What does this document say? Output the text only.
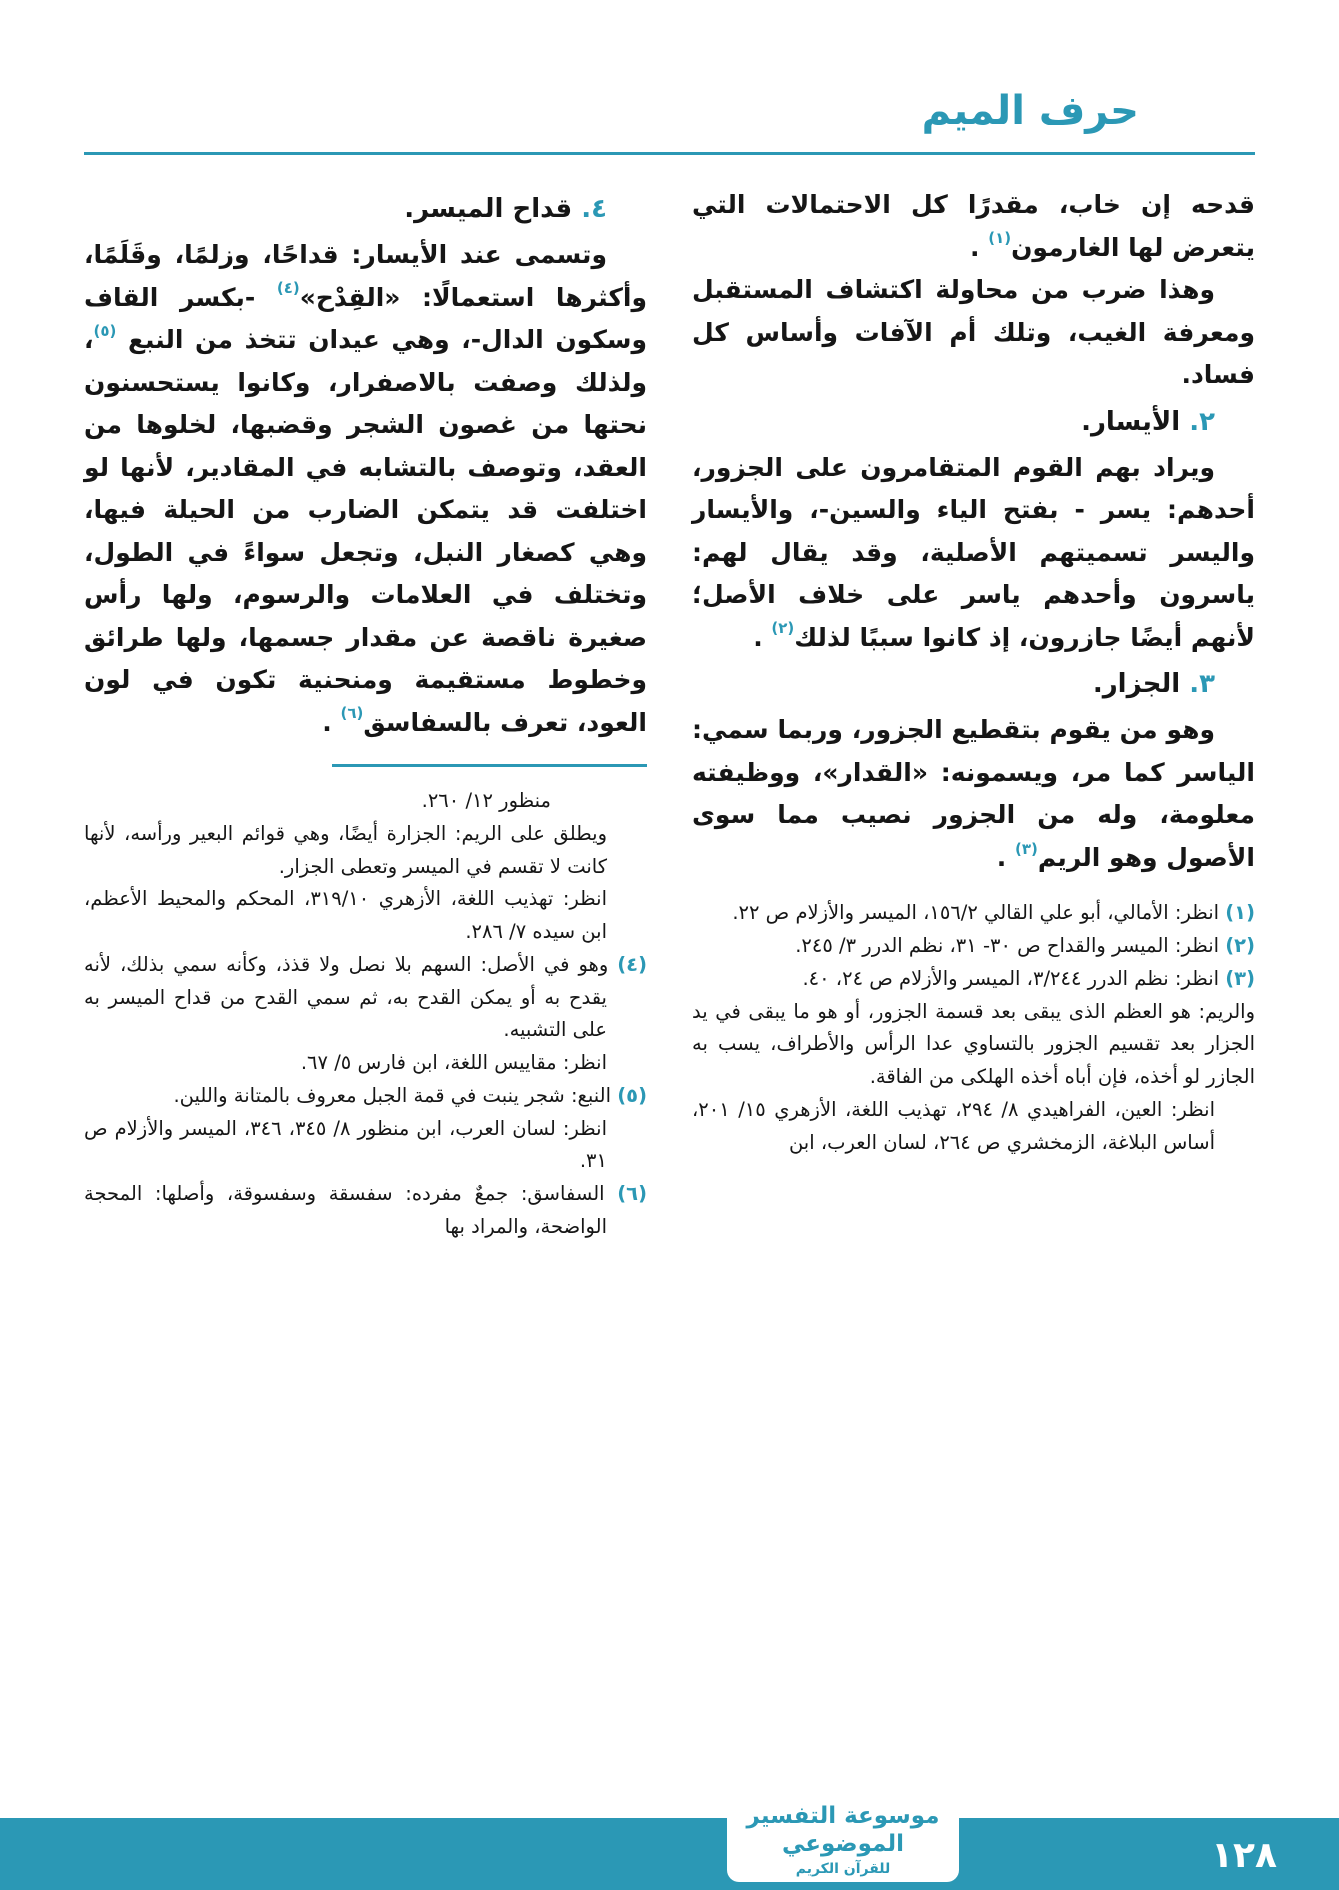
حرف الميم

قدحه إن خاب، مقدرًا كل الاحتمالات التي يتعرض لها الغارمون$^{(١)}$ .

وهذا ضرب من محاولة اكتشاف المستقبل ومعرفة الغيب، وتلك أم الآفات وأساس كل فساد.

٢. الأيسار.

ويراد بهم القوم المتقامرون على الجزور، أحدهم: يسر - بفتح الياء والسين-، والأيسار واليسر تسميتهم الأصلية، وقد يقال لهم: ياسرون وأحدهم ياسر على خلاف الأصل؛ لأنهم أيضًا جازرون، إذ كانوا سببًا لذلك$^{(٢)}$ .

٣. الجزار.

وهو من يقوم بتقطيع الجزور، وربما سمي: الياسر كما مر، ويسمونه: «القدار»، ووظيفته معلومة، وله من الجزور نصيب مما سوى الأصول وهو الريم$^{(٣)}$ .

(١) انظر: الأمالي، أبو علي القالي ١٥٦/٢، الميسر والأزلام ص ٢٢.

(٢) انظر: الميسر والقداح ص ٣٠- ٣١، نظم الدرر ٣/ ٢٤٥.

(٣) انظر: نظم الدرر ٣/٢٤٤، الميسر والأزلام ص ٢٤، ٤٠.

والريم: هو العظم الذى يبقى بعد قسمة الجزور، أو هو ما يبقى في يد الجزار بعد تقسيم الجزور بالتساوي عدا الرأس والأطراف، يسب به الجازر لو أخذه، فإن أباه أخذه الهلكى من الفاقة.

انظر: العين، الفراهيدي ٨/ ٢٩٤، تهذيب اللغة، الأزهري ١٥/ ٢٠١، أساس البلاغة، الزمخشري ص ٢٦٤، لسان العرب، ابن

٤. قداح الميسر.

وتسمى عند الأيسار: قداحًا، وزلمًا، وقَلَمًا، وأكثرها استعمالًا: «القِدْح»$^{(٤)}$ -بكسر القاف وسكون الدال-، وهي عيدان تتخذ من النبع $^{(٥)}$، ولذلك وصفت بالاصفرار، وكانوا يستحسنون نحتها من غصون الشجر وقضبها، لخلوها من العقد، وتوصف بالتشابه في المقادير، لأنها لو اختلفت قد يتمكن الضارب من الحيلة فيها، وهي كصغار النبل، وتجعل سواءً في الطول، وتختلف في العلامات والرسوم، ولها رأس صغيرة ناقصة عن مقدار جسمها، ولها طرائق وخطوط مستقيمة ومنحنية تكون في لون العود، تعرف بالسفاسق$^{(٦)}$ .

منظور ١٢/ ٢٦٠.

ويطلق على الريم: الجزارة أيضًا، وهي قوائم البعير ورأسه، لأنها كانت لا تقسم في الميسر وتعطى الجزار.

انظر: تهذيب اللغة، الأزهري ٣١٩/١٠، المحكم والمحيط الأعظم، ابن سيده ٧/ ٢٨٦.

(٤) وهو في الأصل: السهم بلا نصل ولا قذذ، وكأنه سمي بذلك، لأنه يقدح به أو يمكن القدح به، ثم سمي القدح من قداح الميسر به على التشبيه.

انظر: مقاييس اللغة، ابن فارس ٥/ ٦٧.

(٥) النبع: شجر ينبت في قمة الجبل معروف بالمتانة واللين.

انظر: لسان العرب، ابن منظور ٨/ ٣٤٥، ٣٤٦، الميسر والأزلام ص ٣١.

(٦) السفاسق: جمعٌ مفرده: سفسقة وسفسوقة، وأصلها: المحجة الواضحة، والمراد بها

موسوعة التفسير الموضوعي
للقرآن الكريم	١٢٨
